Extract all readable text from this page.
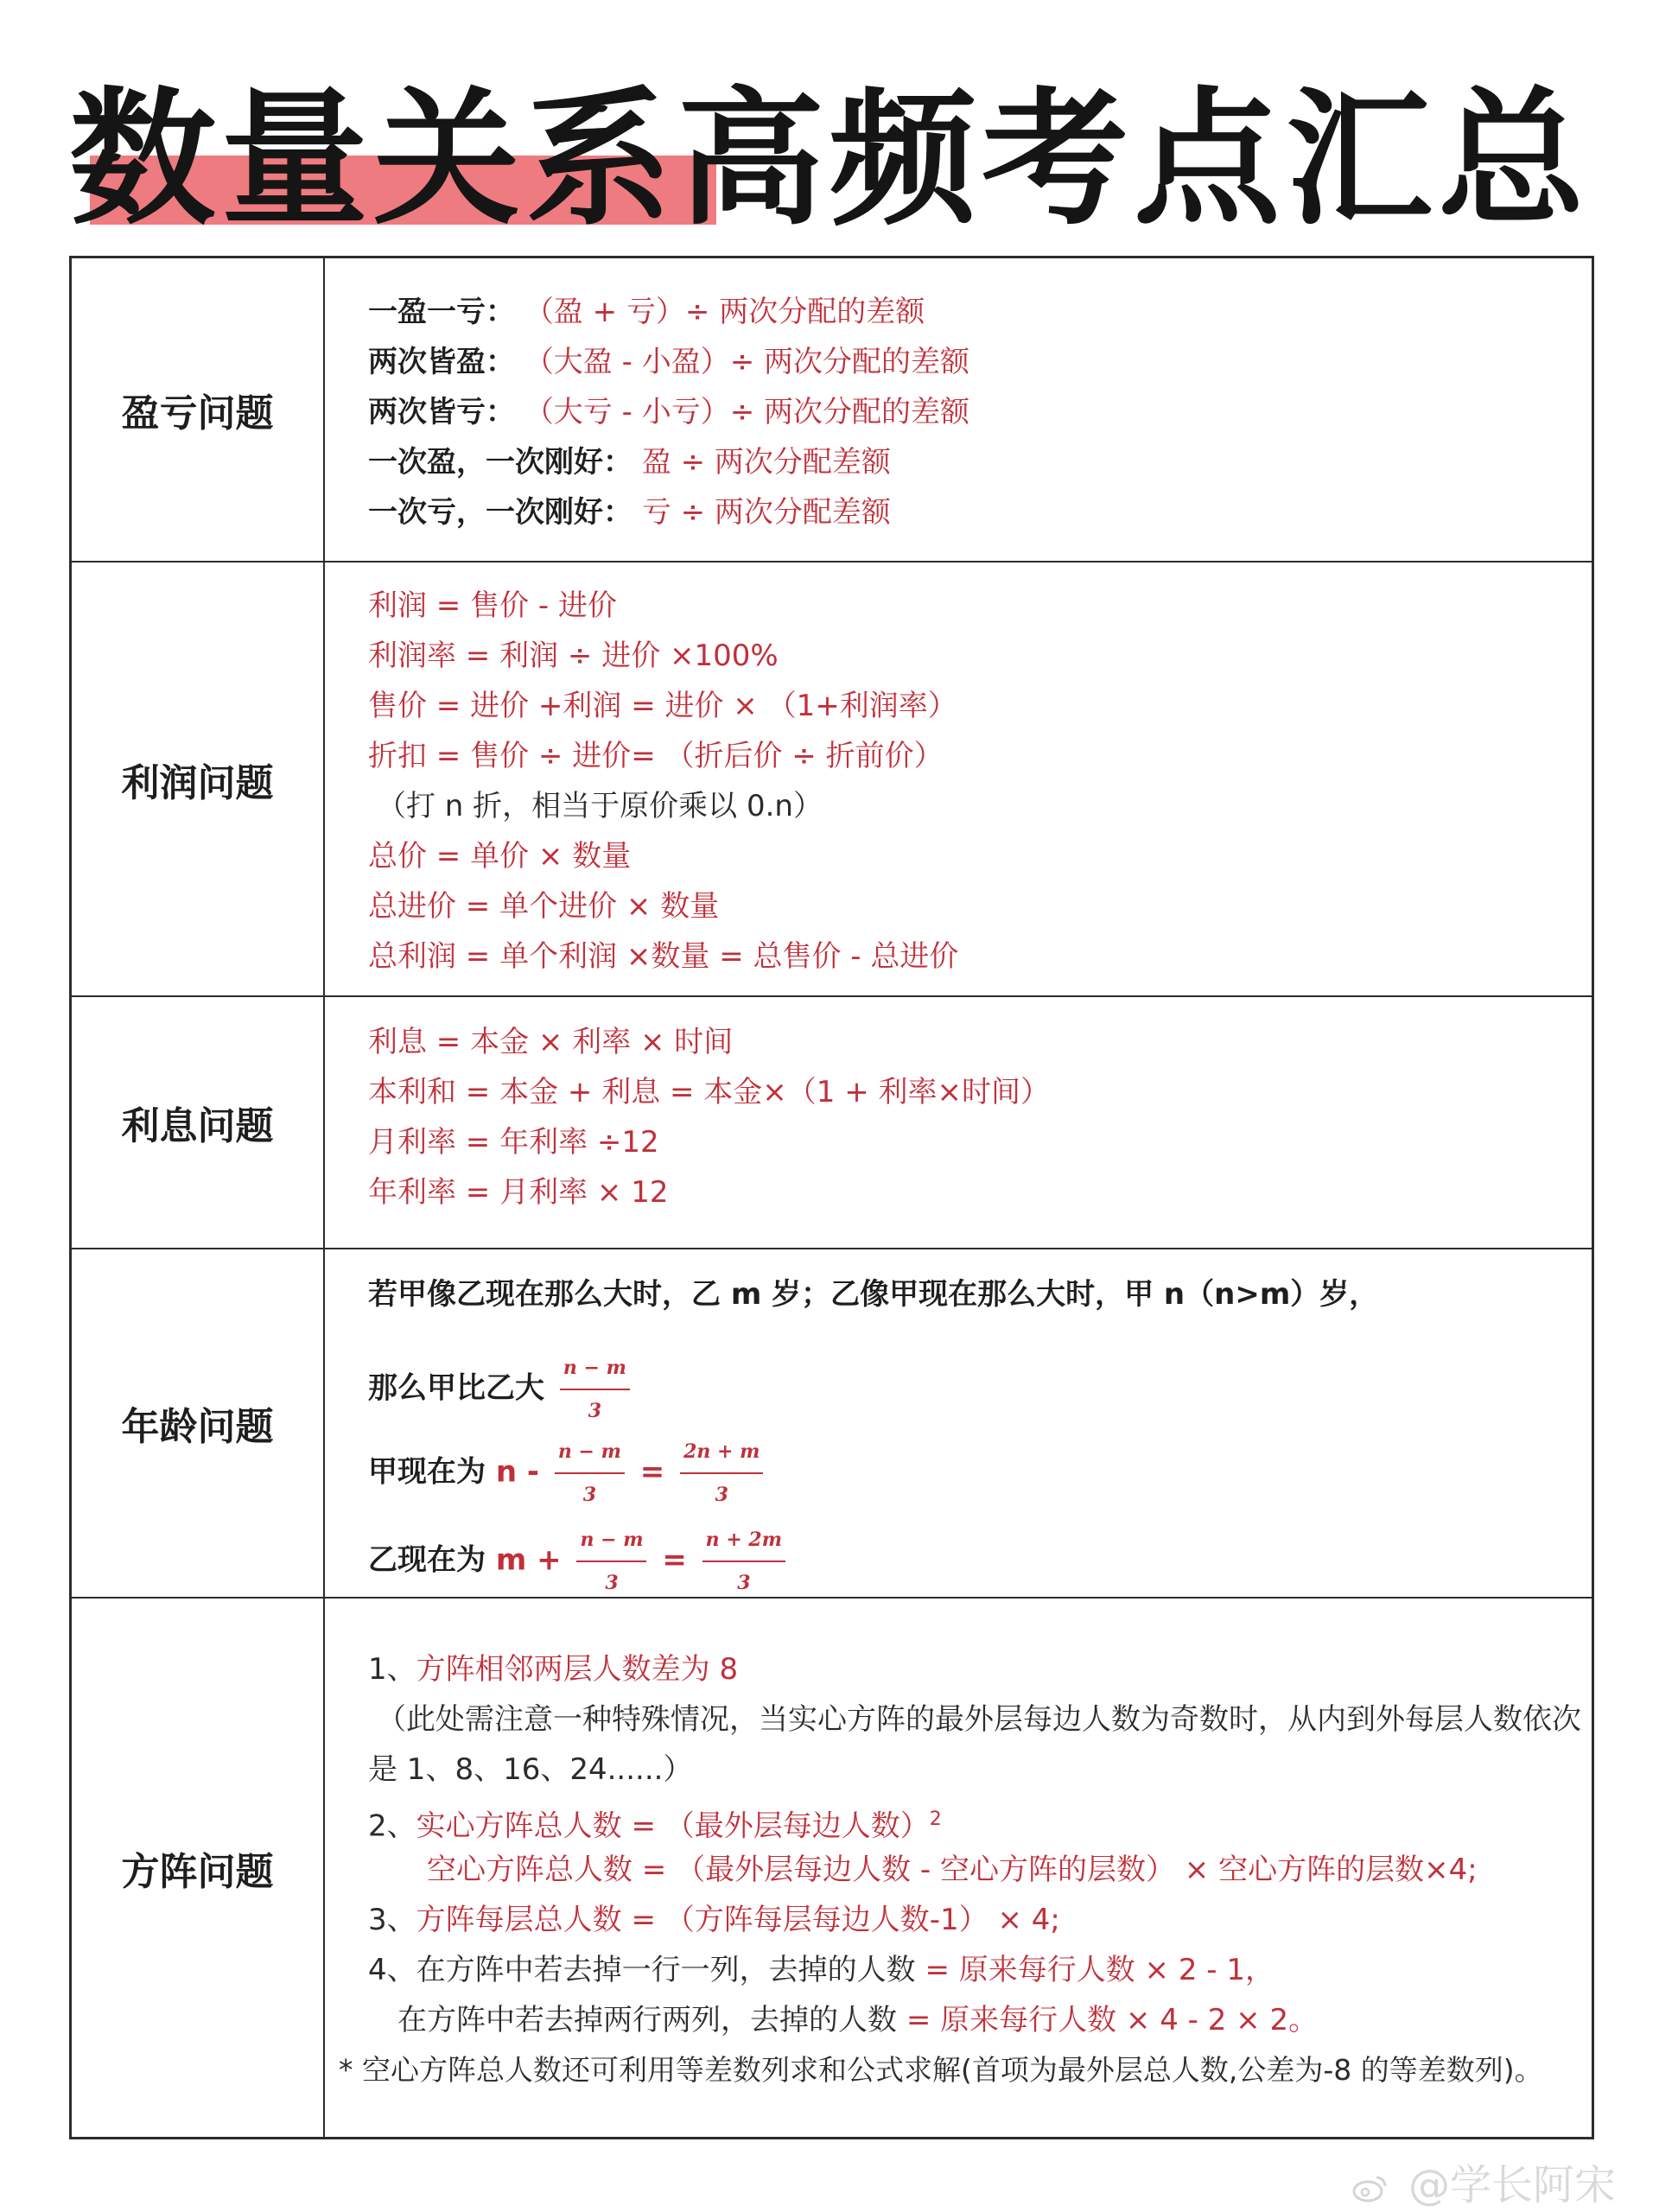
数量关系高频考点汇总
盈亏问题
一盈一亏： （盈 + 亏）÷ 两次分配的差额
两次皆盈： （大盈 - 小盈）÷ 两次分配的差额
两次皆亏： （大亏 - 小亏）÷ 两次分配的差额
一次盈，一次刚好： 盈 ÷ 两次分配差额
一次亏，一次刚好： 亏 ÷ 两次分配差额
利润问题
利润 = 售价 - 进价
利润率 = 利润 ÷ 进价 ×100%
售价 = 进价 +利润 = 进价 × （1+利润率）
折扣 = 售价 ÷ 进价= （折后价 ÷ 折前价）
（打 n 折，相当于原价乘以 0.n）
总价 = 单价 × 数量
总进价 = 单个进价 × 数量
总利润 = 单个利润 ×数量 = 总售价 - 总进价
利息问题
利息 = 本金 × 利率 × 时间
本利和 = 本金 + 利息 = 本金×（1 + 利率×时间）
月利率 = 年利率 ÷12
年利率 = 月利率 × 12
年龄问题
若甲像乙现在那么大时，乙 m 岁；乙像甲现在那么大时，甲 n（n>m）岁，
那么甲比乙大 $\frac{n - m}{3}$
甲现在为 $n - \frac{n - m}{3} = \frac{2n + m}{3}$
乙现在为 $m + \frac{n - m}{3} = \frac{n + 2m}{3}$
方阵问题
1、方阵相邻两层人数差为 8
（此处需注意一种特殊情况，当实心方阵的最外层每边人数为奇数时，从内到外每层人数依次
是 1、8、16、24......）
2、实心方阵总人数 = （最外层每边人数）$^2$
空心方阵总人数 = （最外层每边人数 - 空心方阵的层数） × 空心方阵的层数×4;
3、方阵每层总人数 = （方阵每层每边人数-1） × 4;
4、在方阵中若去掉一行一列，去掉的人数 = 原来每行人数 × 2 - 1，
在方阵中若去掉两行两列，去掉的人数 = 原来每行人数 × 4 - 2 × 2。
* 空心方阵总人数还可利用等差数列求和公式求解(首项为最外层总人数,公差为-8 的等差数列)。
@学长阿宋
